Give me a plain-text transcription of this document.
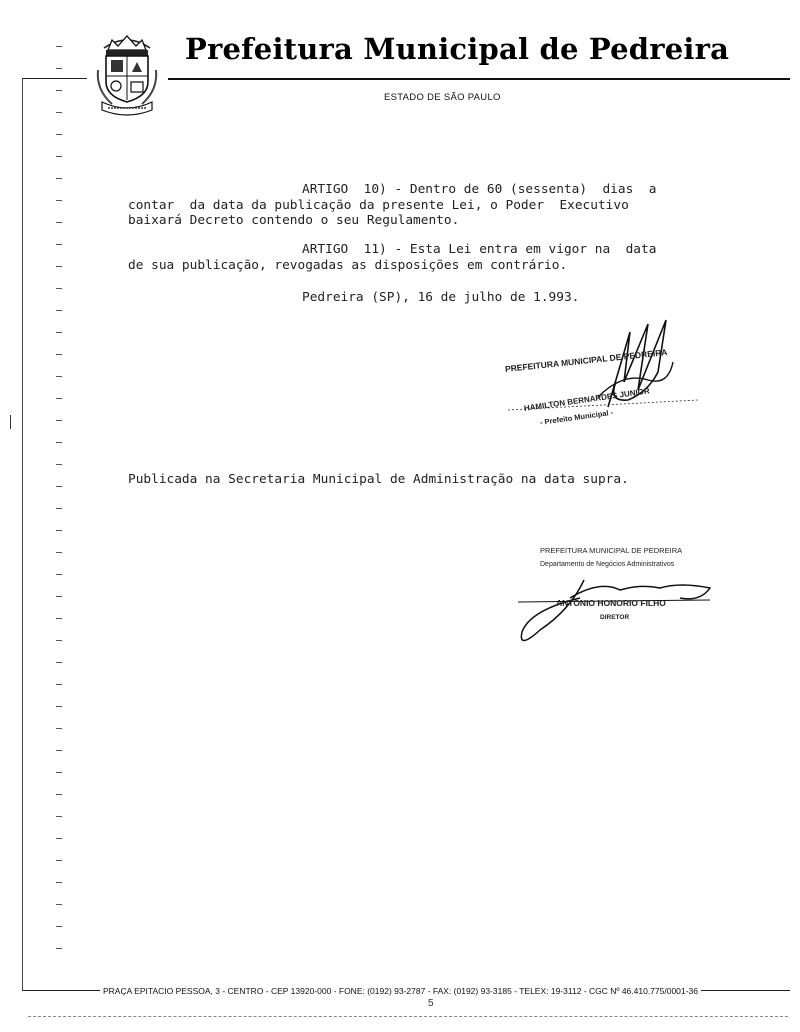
Prefeitura Municipal de Pedreira
ESTADO DE SÃO PAULO
ARTIGO  10) - Dentro de 60 (sessenta)  dias  a
contar  da data da publicação da presente Lei, o Poder  Executivo
baixará Decreto contendo o seu Regulamento.
ARTIGO  11) - Esta Lei entra em vigor na  data
de sua publicação, revogadas as disposições em contrário.
Pedreira (SP), 16 de julho de 1.993.
PREFEITURA MUNICIPAL DE PEDREIRA
HAMILTON BERNARDES JUNIOR
- Prefeito Municipal -
Publicada na Secretaria Municipal de Administração na data supra.
PREFEITURA MUNICIPAL DE PEDREIRA
Departamento de Negócios Administrativos
ANTONIO HONORIO FILHO
DIRETOR
PRAÇA EPITACIO PESSOA, 3 - CENTRO - CEP 13920-000 - FONE: (0192) 93-2787 - FAX: (0192) 93-3185 - TELEX: 19-3112 - CGC Nº 46.410.775/0001-36
5
